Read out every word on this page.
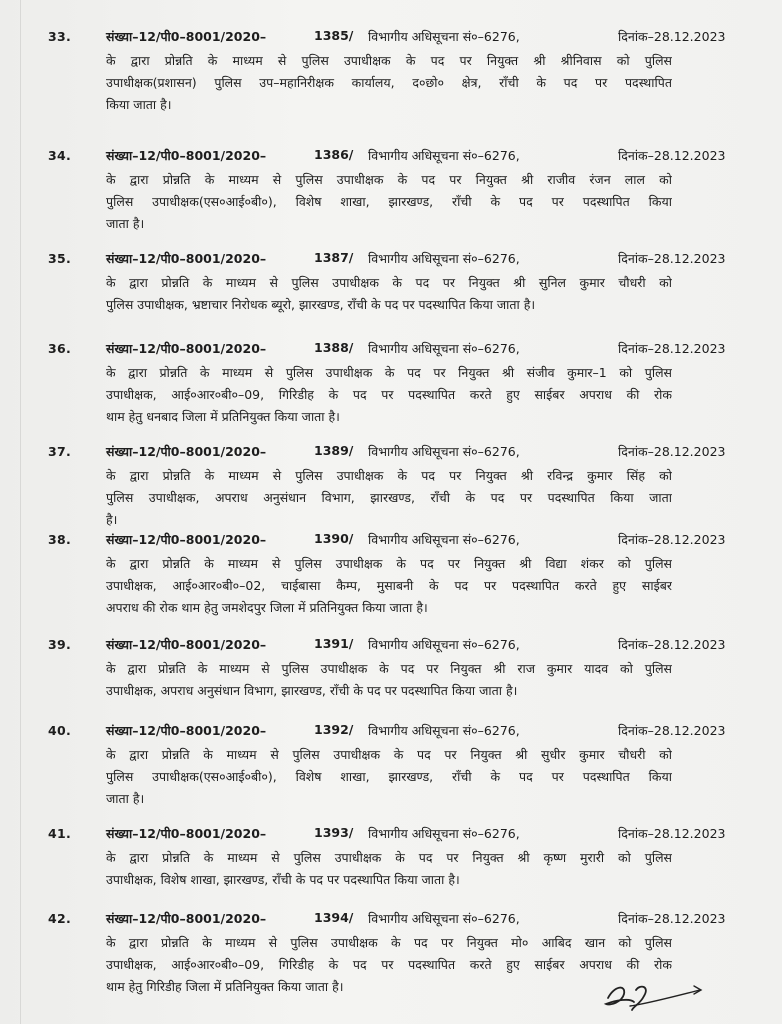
33.	संख्या–12/पी0–8001/2020–	1385/ विभागीय अधिसूचना सं०–6276,	दिनांक–28.12.2023
के द्वारा प्रोन्नति के माध्यम से पुलिस उपाधीक्षक के पद पर नियुक्त श्री श्रीनिवास को पुलिस
उपाधीक्षक(प्रशासन) पुलिस उप–महानिरीक्षक कार्यालय, द०छो० क्षेत्र, राँची के पद पर पदस्थापित
किया जाता है।
34.	संख्या–12/पी0–8001/2020–	1386/ विभागीय अधिसूचना सं०–6276,	दिनांक–28.12.2023
के द्वारा प्रोन्नति के माध्यम से पुलिस उपाधीक्षक के पद पर नियुक्त श्री राजीव रंजन लाल को
पुलिस उपाधीक्षक(एस०आई०बी०), विशेष शाखा, झारखण्ड, राँची के पद पर पदस्थापित किया
जाता है।
35.	संख्या–12/पी0–8001/2020–	1387/ विभागीय अधिसूचना सं०–6276,	दिनांक–28.12.2023
के द्वारा प्रोन्नति के माध्यम से पुलिस उपाधीक्षक के पद पर नियुक्त श्री सुनिल कुमार चौधरी को
पुलिस उपाधीक्षक, भ्रष्टाचार निरोधक ब्यूरो, झारखण्ड, राँची के पद पर पदस्थापित किया जाता है।
36.	संख्या–12/पी0–8001/2020–	1388/ विभागीय अधिसूचना सं०–6276,	दिनांक–28.12.2023
के द्वारा प्रोन्नति के माध्यम से पुलिस उपाधीक्षक के पद पर नियुक्त श्री संजीव कुमार–1 को पुलिस
उपाधीक्षक, आई०आर०बी०–09, गिरिडीह के पद पर पदस्थापित करते हुए साईबर अपराध की रोक
थाम हेतु धनबाद जिला में प्रतिनियुक्त किया जाता है।
37.	संख्या–12/पी0–8001/2020–	1389/ विभागीय अधिसूचना सं०–6276,	दिनांक–28.12.2023
के द्वारा प्रोन्नति के माध्यम से पुलिस उपाधीक्षक के पद पर नियुक्त श्री रविन्द्र कुमार सिंह को
पुलिस उपाधीक्षक, अपराध अनुसंधान विभाग, झारखण्ड, राँची के पद पर पदस्थापित किया जाता
है।
38.	संख्या–12/पी0–8001/2020–	1390/ विभागीय अधिसूचना सं०–6276,	दिनांक–28.12.2023
के द्वारा प्रोन्नति के माध्यम से पुलिस उपाधीक्षक के पद पर नियुक्त श्री विद्या शंकर को पुलिस
उपाधीक्षक, आई०आर०बी०–02, चाईबासा कैम्प, मुसाबनी के पद पर पदस्थापित करते हुए साईबर
अपराध की रोक थाम हेतु जमशेदपुर जिला में प्रतिनियुक्त किया जाता है।
39.	संख्या–12/पी0–8001/2020–	1391/ विभागीय अधिसूचना सं०–6276,	दिनांक–28.12.2023
के द्वारा प्रोन्नति के माध्यम से पुलिस उपाधीक्षक के पद पर नियुक्त श्री राज कुमार यादव को पुलिस
उपाधीक्षक, अपराध अनुसंधान विभाग, झारखण्ड, राँची के पद पर पदस्थापित किया जाता है।
40.	संख्या–12/पी0–8001/2020–	1392/ विभागीय अधिसूचना सं०–6276,	दिनांक–28.12.2023
के द्वारा प्रोन्नति के माध्यम से पुलिस उपाधीक्षक के पद पर नियुक्त श्री सुधीर कुमार चौधरी को
पुलिस उपाधीक्षक(एस०आई०बी०), विशेष शाखा, झारखण्ड, राँची के पद पर पदस्थापित किया
जाता है।
41.	संख्या–12/पी0–8001/2020–	1393/ विभागीय अधिसूचना सं०–6276,	दिनांक–28.12.2023
के द्वारा प्रोन्नति के माध्यम से पुलिस उपाधीक्षक के पद पर नियुक्त श्री कृष्ण मुरारी को पुलिस
उपाधीक्षक, विशेष शाखा, झारखण्ड, राँची के पद पर पदस्थापित किया जाता है।
42.	संख्या–12/पी0–8001/2020–	1394/ विभागीय अधिसूचना सं०–6276,	दिनांक–28.12.2023
के द्वारा प्रोन्नति के माध्यम से पुलिस उपाधीक्षक के पद पर नियुक्त मो० आबिद खान को पुलिस
उपाधीक्षक, आई०आर०बी०–09, गिरिडीह के पद पर पदस्थापित करते हुए साईबर अपराध की रोक
थाम हेतु गिरिडीह जिला में प्रतिनियुक्त किया जाता है।
